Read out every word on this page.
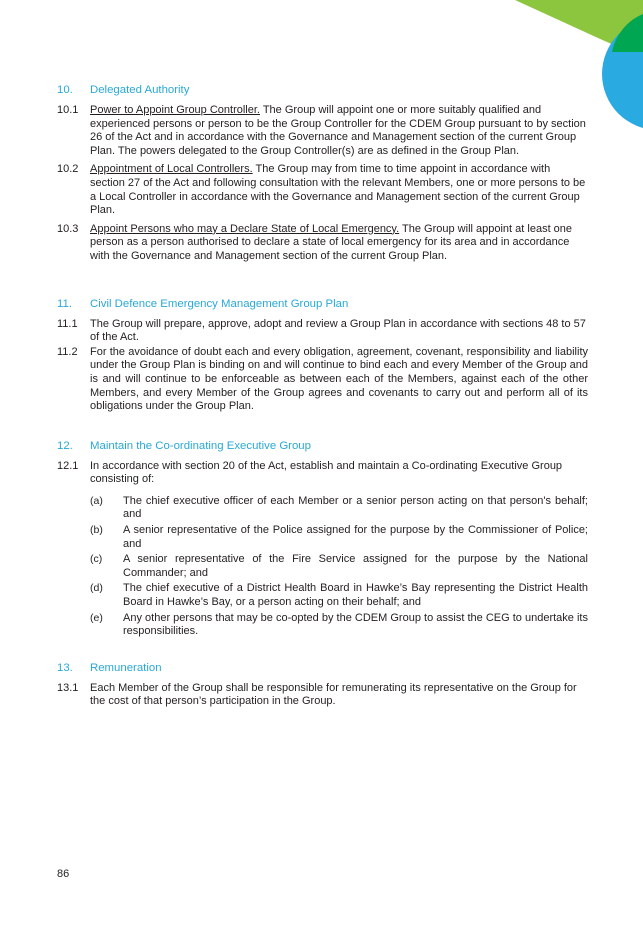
10.	Delegated Authority
10.1	Power to Appoint Group Controller. The Group will appoint one or more suitably qualified and experienced persons or person to be the Group Controller for the CDEM Group pursuant to by section 26 of the Act and in accordance with the Governance and Management section of the current Group Plan. The powers delegated to the Group Controller(s) are as defined in the Group Plan.
10.2	Appointment of Local Controllers. The Group may from time to time appoint in accordance with section 27 of the Act and following consultation with the relevant Members, one or more persons to be a Local Controller in accordance with the Governance and Management section of the current Group Plan.
10.3	Appoint Persons who may a Declare State of Local Emergency. The Group will appoint at least one person as a person authorised to declare a state of local emergency for its area and in accordance with the Governance and Management section of the current Group Plan.
11.	Civil Defence Emergency Management Group Plan
11.1	The Group will prepare, approve, adopt and review a Group Plan in accordance with sections 48 to 57 of the Act.
11.2	For the avoidance of doubt each and every obligation, agreement, covenant, responsibility and liability under the Group Plan is binding on and will continue to bind each and every Member of the Group and is and will continue to be enforceable as between each of the Members, against each of the other Members, and every Member of the Group agrees and covenants to carry out and perform all of its obligations under the Group Plan.
12.	Maintain the Co-ordinating Executive Group
12.1	In accordance with section 20 of the Act, establish and maintain a Co-ordinating Executive Group consisting of:
(a)	The chief executive officer of each Member or a senior person acting on that person's behalf; and
(b)	A senior representative of the Police assigned for the purpose by the Commissioner of Police; and
(c)	A senior representative of the Fire Service assigned for the purpose by the National Commander; and
(d)	The chief executive of a District Health Board in Hawke’s Bay representing the District Health Board in Hawke’s Bay, or a person acting on their behalf; and
(e)	Any other persons that may be co-opted by the CDEM Group to assist the CEG to undertake its responsibilities.
13.	Remuneration
13.1	Each Member of the Group shall be responsible for remunerating its representative on the Group for the cost of that person’s participation in the Group.
86
